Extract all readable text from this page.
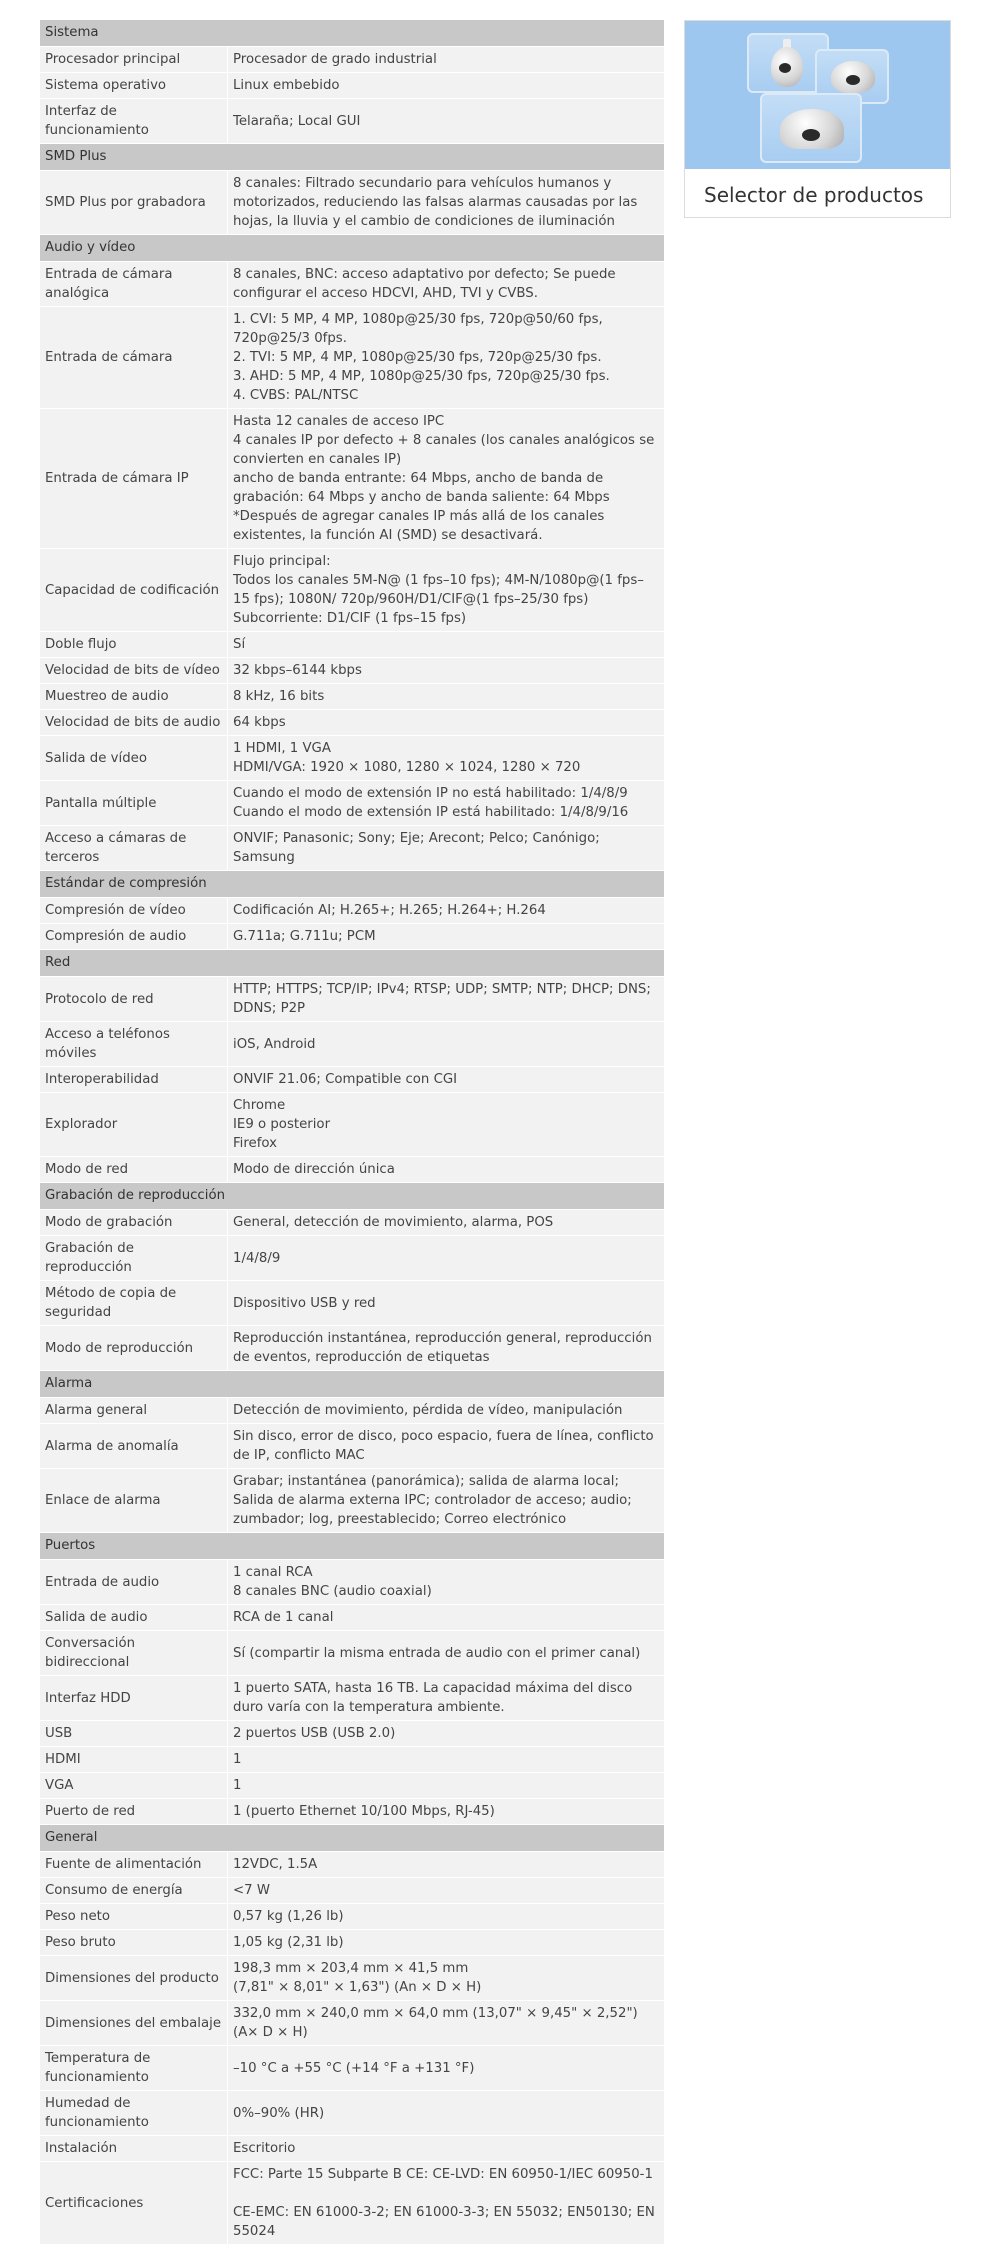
Sistema	
Procesador principal	Procesador de grado industrial
Sistema operativo	Linux embebido
Interfaz de funcionamiento	Telaraña; Local GUI
SMD Plus	
SMD Plus por grabadora	8 canales: Filtrado secundario para vehículos humanos y motorizados, reduciendo las falsas alarmas causadas por las hojas, la lluvia y el cambio de condiciones de iluminación
Audio y vídeo	
Entrada de cámara analógica	8 canales, BNC: acceso adaptativo por defecto; Se puede configurar el acceso HDCVI, AHD, TVI y CVBS.
Entrada de cámara	1. CVI: 5 MP, 4 MP, 1080p@25/30 fps, 720p@50/60 fps, 720p@25/3 0fps.
2. TVI: 5 MP, 4 MP, 1080p@25/30 fps, 720p@25/30 fps.
3. AHD: 5 MP, 4 MP, 1080p@25/30 fps, 720p@25/30 fps.
4. CVBS: PAL/NTSC
Entrada de cámara IP	Hasta 12 canales de acceso IPC
4 canales IP por defecto + 8 canales (los canales analógicos se convierten en canales IP)
ancho de banda entrante: 64 Mbps, ancho de banda de grabación: 64 Mbps y ancho de banda saliente: 64 Mbps
*Después de agregar canales IP más allá de los canales existentes, la función AI (SMD) se desactivará.
Capacidad de codificación	Flujo principal:
Todos los canales 5M-N@ (1 fps–10 fps); 4M-N/1080p@(1 fps–15 fps); 1080N/ 720p/960H/D1/CIF@(1 fps–25/30 fps) Subcorriente: D1/CIF (1 fps–15 fps)
Doble flujo	Sí
Velocidad de bits de vídeo	32 kbps–6144 kbps
Muestreo de audio	8 kHz, 16 bits
Velocidad de bits de audio	64 kbps
Salida de vídeo	1 HDMI, 1 VGA
HDMI/VGA: 1920 × 1080, 1280 × 1024, 1280 × 720
Pantalla múltiple	Cuando el modo de extensión IP no está habilitado: 1/4/8/9
Cuando el modo de extensión IP está habilitado: 1/4/8/9/16
Acceso a cámaras de terceros	ONVIF; Panasonic; Sony; Eje; Arecont; Pelco; Canónigo; Samsung
Estándar de compresión	
Compresión de vídeo	Codificación AI; H.265+; H.265; H.264+; H.264
Compresión de audio	G.711a; G.711u; PCM
Red	
Protocolo de red	HTTP; HTTPS; TCP/IP; IPv4; RTSP; UDP; SMTP; NTP; DHCP; DNS; DDNS; P2P
Acceso a teléfonos móviles	iOS, Android
Interoperabilidad	ONVIF 21.06; Compatible con CGI
Explorador	Chrome
IE9 o posterior
Firefox
Modo de red	Modo de dirección única
Grabación de reproducción	
Modo de grabación	General, detección de movimiento, alarma, POS
Grabación de reproducción	1/4/8/9
Método de copia de seguridad	Dispositivo USB y red
Modo de reproducción	Reproducción instantánea, reproducción general, reproducción de eventos, reproducción de etiquetas
Alarma	
Alarma general	Detección de movimiento, pérdida de vídeo, manipulación
Alarma de anomalía	Sin disco, error de disco, poco espacio, fuera de línea, conflicto de IP, conflicto MAC
Enlace de alarma	Grabar; instantánea (panorámica); salida de alarma local; Salida de alarma externa IPC; controlador de acceso; audio; zumbador; log, preestablecido; Correo electrónico
Puertos	
Entrada de audio	1 canal RCA
8 canales BNC (audio coaxial)
Salida de audio	RCA de 1 canal
Conversación bidireccional	Sí (compartir la misma entrada de audio con el primer canal)
Interfaz HDD	1 puerto SATA, hasta 16 TB. La capacidad máxima del disco duro varía con la temperatura ambiente.
USB	2 puertos USB (USB 2.0)
HDMI	1
VGA	1
Puerto de red	1 (puerto Ethernet 10/100 Mbps, RJ-45)
General	
Fuente de alimentación	12VDC, 1.5A
Consumo de energía	<7 W
Peso neto	0,57 kg (1,26 lb)
Peso bruto	1,05 kg (2,31 lb)
Dimensiones del producto	198,3 mm × 203,4 mm × 41,5 mm
(7,81" × 8,01" × 1,63") (An × D × H)
Dimensiones del embalaje	332,0 mm × 240,0 mm × 64,0 mm (13,07" × 9,45" × 2,52") (A× D × H)
Temperatura de funcionamiento	–10 °C a +55 °C (+14 °F a +131 °F)
Humedad de funcionamiento	0%–90% (HR)
Instalación	Escritorio
Certificaciones	FCC: Parte 15 Subparte B CE: CE-LVD: EN 60950-1/IEC 60950-1

CE-EMC: EN 61000-3-2; EN 61000-3-3; EN 55032; EN50130; EN 55024
Selector de productos
